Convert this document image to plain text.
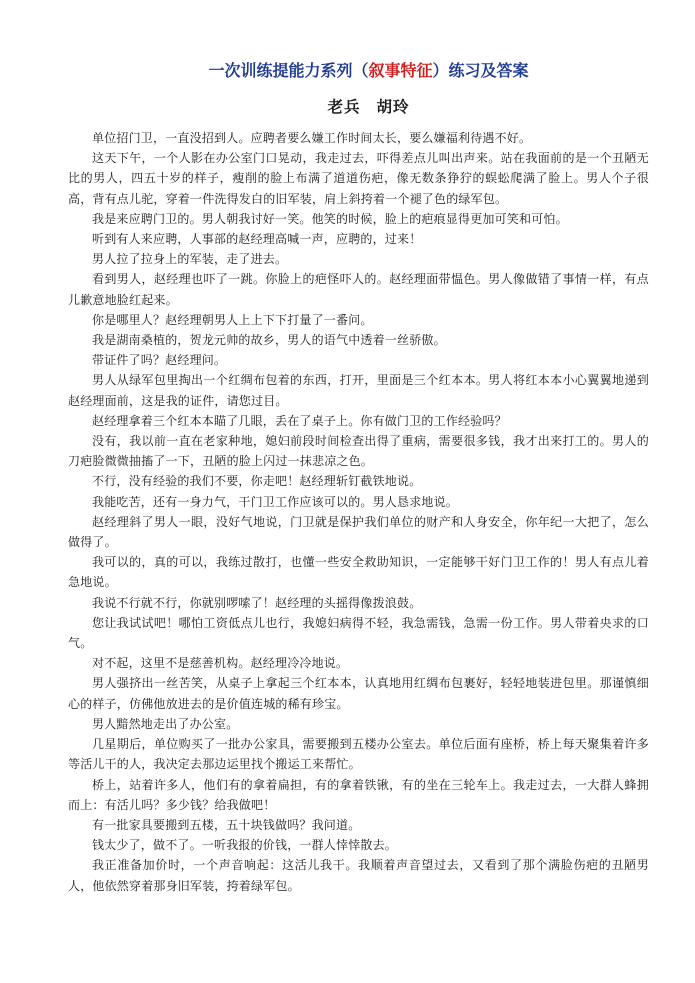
一次训练提能力系列（叙事特征）练习及答案
老兵 胡玲

单位招门卫，一直没招到人。应聘者要么嫌工作时间太长，要么嫌福利待遇不好。

这天下午，一个人影在办公室门口晃动，我走过去，吓得差点儿叫出声来。站在我面前的是一个丑陋无比的男人，四五十岁的样子，瘦削的脸上布满了道道伤疤，像无数条狰狞的蜈蚣爬满了脸上。男人个子很高，背有点儿驼，穿着一件洗得发白的旧军装，肩上斜挎着一个褪了色的绿军包。

我是来应聘门卫的。男人朝我讨好一笑。他笑的时候，脸上的疤痕显得更加可笑和可怕。

听到有人来应聘，人事部的赵经理高喊一声，应聘的，过来！

男人拉了拉身上的军装，走了进去。

看到男人，赵经理也吓了一跳。你脸上的疤怪吓人的。赵经理面带愠色。男人像做错了事情一样，有点儿歉意地脸红起来。

你是哪里人？赵经理朝男人上上下下打量了一番问。

我是湖南桑植的，贺龙元帅的故乡，男人的语气中透着一丝骄傲。

带证件了吗？赵经理问。

男人从绿军包里掏出一个红绸布包着的东西，打开，里面是三个红本本。男人将红本本小心翼翼地递到赵经理面前，这是我的证件，请您过目。

赵经理拿着三个红本本瞄了几眼，丢在了桌子上。你有做门卫的工作经验吗？

没有，我以前一直在老家种地，媳妇前段时间检查出得了重病，需要很多钱，我才出来打工的。男人的刀疤脸微微抽搐了一下，丑陋的脸上闪过一抹悲凉之色。

不行，没有经验的我们不要，你走吧！赵经理斩钉截铁地说。

我能吃苦，还有一身力气，干门卫工作应该可以的。男人恳求地说。

赵经理斜了男人一眼，没好气地说，门卫就是保护我们单位的财产和人身安全，你年纪一大把了，怎么做得了。

我可以的，真的可以，我练过散打，也懂一些安全救助知识，一定能够干好门卫工作的！男人有点儿着急地说。

我说不行就不行，你就别啰嗦了！赵经理的头摇得像拨浪鼓。

您让我试试吧！哪怕工资低点儿也行，我媳妇病得不轻，我急需钱，急需一份工作。男人带着央求的口气。

对不起，这里不是慈善机构。赵经理冷冷地说。

男人强挤出一丝苦笑，从桌子上拿起三个红本本，认真地用红绸布包裹好，轻轻地装进包里。那谨慎细心的样子，仿佛他放进去的是价值连城的稀有珍宝。

男人黯然地走出了办公室。

几星期后，单位购买了一批办公家具，需要搬到五楼办公室去。单位后面有座桥，桥上每天聚集着许多等活儿干的人，我决定去那边运里找个搬运工来帮忙。

桥上，站着许多人，他们有的拿着扁担，有的拿着铁锹，有的坐在三轮车上。我走过去，一大群人蜂拥而上：有活儿吗？多少钱？给我做吧！

有一批家具要搬到五楼，五十块钱做吗？我问道。

钱太少了，做不了。一听我报的价钱，一群人悻悻散去。

我正准备加价时，一个声音响起：这活儿我干。我顺着声音望过去，又看到了那个满脸伤疤的丑陋男人，他依然穿着那身旧军装，挎着绿军包。
